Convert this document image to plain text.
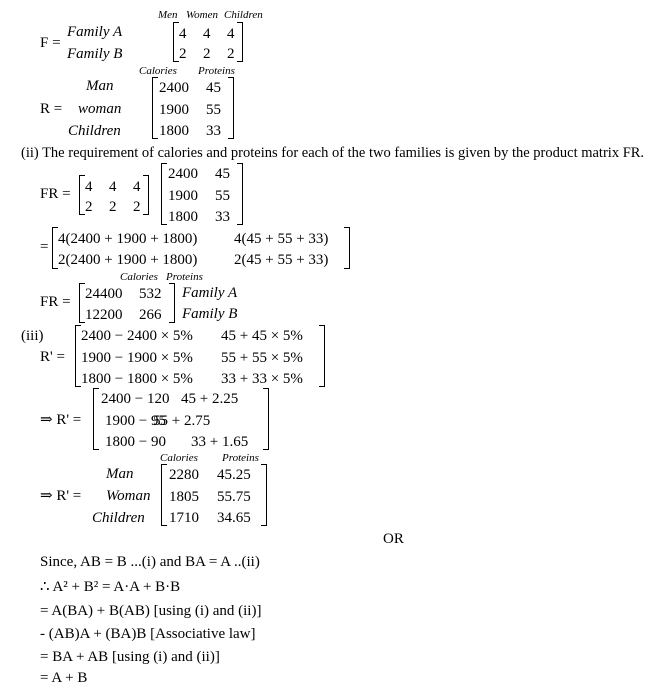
Men Women Children
F =
Family A
Family B
4 4 4
2 2 2
Calories Proteins
Man
R = woman
Children
2400 45
1900 55
1800 33
(ii) The requirement of calories and proteins for each of the two families is given by the product matrix FR.
FR = 4 4 4
2 2 2
2400 45
1900 55
1800 33
= 4(2400 + 1900 + 1800) 4(45 + 55 + 33)
2(2400 + 1900 + 1800) 2(45 + 55 + 33)
Calories Proteins
FR = 24400 532
12200 266
Family A
Family B
(iii)
R' =
2400 − 2400 × 5% 45 + 45 × 5%
1900 − 1900 × 5% 55 + 55 × 5%
1800 − 1800 × 5% 33 + 33 × 5%
⇒ R' =
2400 − 120 45 + 2.25
1900 − 95
55 + 2.75
1800 − 90 33 + 1.65
Calories Proteins
Man
⇒ R' = Woman
Children
2280 45.25
1805 55.75
1710 34.65
OR
Since, AB = B ...(i) and BA = A ..(ii)
∴ A² + B² = A·A + B·B
= A(BA) + B(AB) [using (i) and (ii)]
- (AB)A + (BA)B [Associative law]
= BA + AB [using (i) and (ii)]
= A + B
